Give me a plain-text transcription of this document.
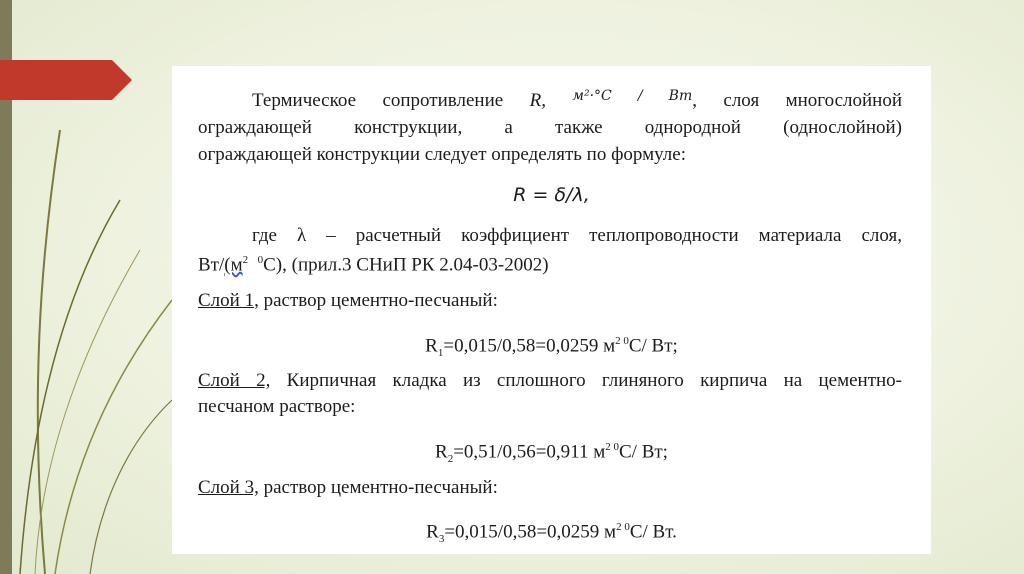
Термическое сопротивление R, $^{м^2\cdot^\circ С / Вт}$, слоя многослойной
ограждающей конструкции, а также однородной (однослойной)
ограждающей конструкции следует определять по формуле:
R = δ/λ,
где λ – расчетный коэффициент теплопроводности материала слоя,
$Вт/(м^2$ $^0$С), (прил.3 СНиП РК 2.04-03-2002)
Слой 1, раствор цементно-песчаный:
$R_1=0,015/0,58=0,0259$ $м^{2 0}С/$ Вт;
Слой 2, Кирпичная кладка из сплошного глиняного кирпича на цементно-
песчаном растворе:
$R_2=0,51/0,56=0,911$ $м^{2 0}С/$ Вт;
Слой 3, раствор цементно-песчаный:
$R_3=0,015/0,58=0,0259$ $м^{2 0}С/$ Вт.
